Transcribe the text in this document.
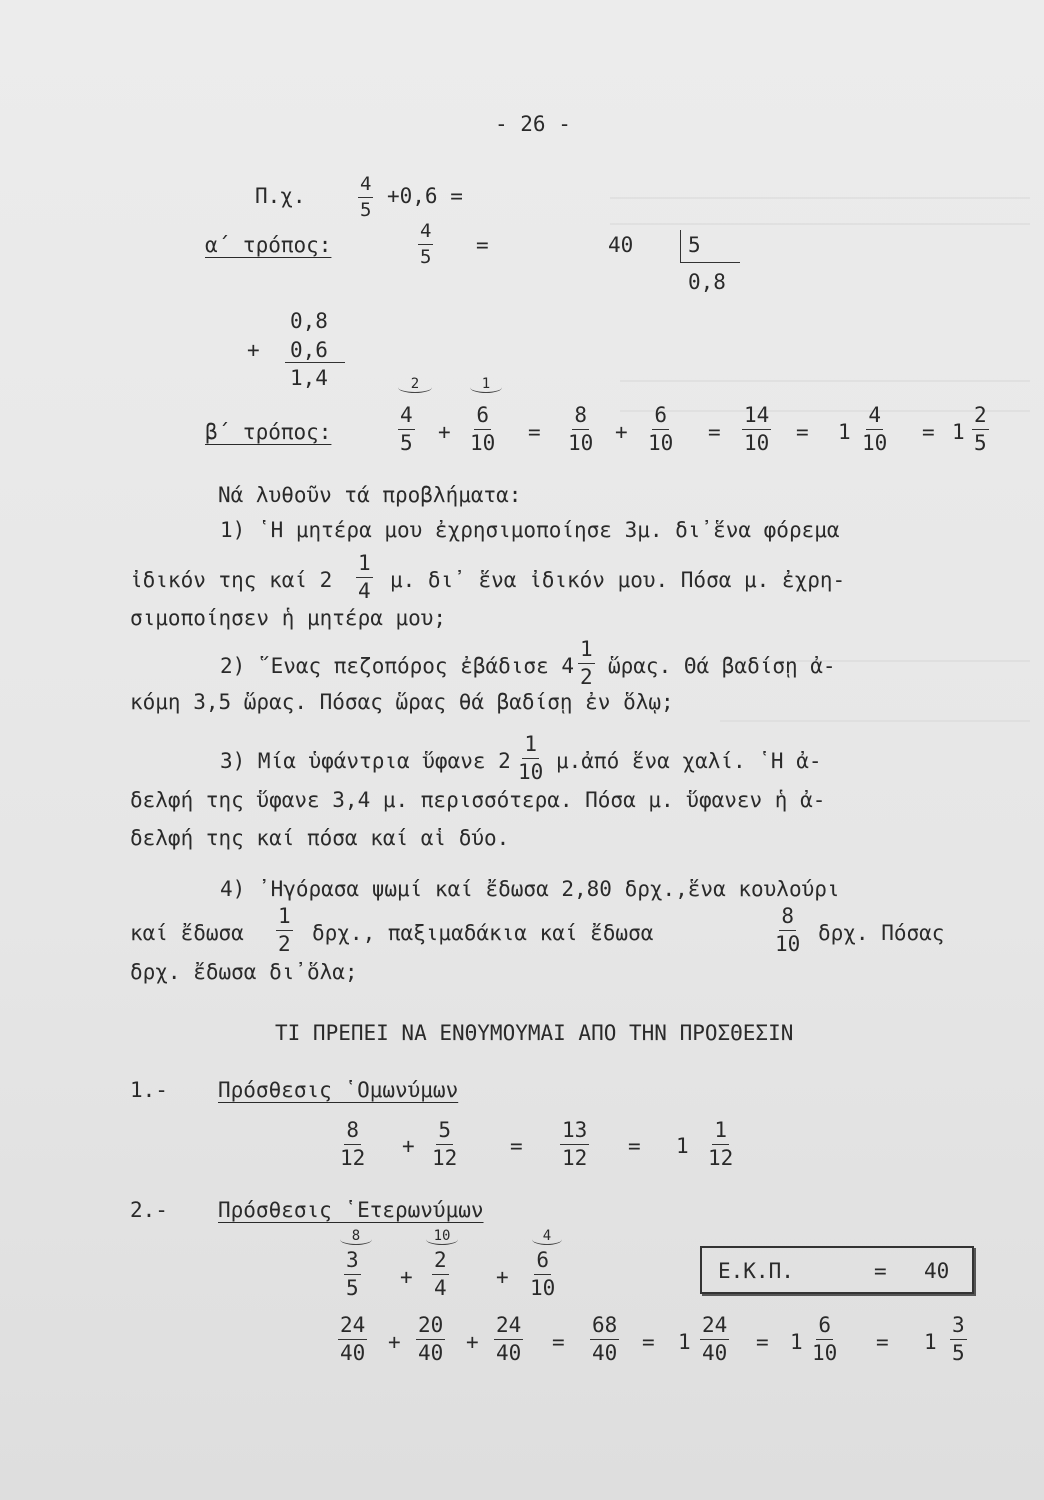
- 26 -
Π.χ.	$\frac{4}{5} +0,6$ =
α΄ τρόπος:	$\frac{4}{5}$ =	40	5
0,8
0,8
+ 0,6
1,4	2	1
β΄ τρόπος:	$\frac{4}{5} + \frac{6}{10} = \frac{8}{10} + \frac{6}{10} = \frac{14}{10} = 1 \frac{4}{10} = 1 \frac{2}{5}$
Νά λυθοῦν τά προβλήματα:
1) ῾Η μητέρα μου ἐχρησιμοποίησε 3μ. δι᾽ἕνα φόρεμα
ἰδικόν της καί $2 \frac{1}{4} \mu$. δι᾽ ἕνα ἰδικόν μου. Πόσα μ. ἐχρη-
σιμοποίησεν ἡ μητέρα μου;
2) ῞Ενας πεζοπόρος ἐβάδισε $4 \frac{1}{2}$ ὥρας. Θά βαδίσῃ ἀ-
κόμη 3,5 ὥρας. Πόσας ὥρας θά βαδίσῃ ἐν ὅλῳ;
3) Μία ὑφάντρια ὕφανε $2 \frac{1}{10}$ μ.ἀπό ἕνα χαλί. ῾Η ἀ-
δελφή της ὕφανε 3,4 μ. περισσότερα. Πόσα μ. ὕφανεν ἡ ἀ-
δελφή της καί πόσα καί αἱ δύο.
4) ᾽Ηγόρασα ψωμί καί ἔδωσα 2,80 δρχ.,ἕνα κουλούρι
καί ἔδωσα $\frac{1}{2} \delta\rho\chi$., παξιμαδάκια καί ἔδωσα	$\frac{8}{10} \delta\rho\chi$. Πόσας
δρχ. ἔδωσα δι᾽ὅλα;
ΤΙ ΠΡΕΠΕΙ ΝΑ ΕΝΘΥΜΟΥΜΑΙ ΑΠΟ ΤΗΝ ΠΡΟΣΘΕΣΙΝ
1.- Πρόσθεσις ῾Ομωνύμων
$\frac{8}{12} + \frac{5}{12}$	= $\frac{13}{12} = 1 \frac{1}{12}$
2.- Πρόσθεσις ῾Ετερωνύμων
8	10	4
$\frac{3}{5} + \frac{2}{4} + \frac{6}{10}$	Ε.Κ.Π.	= 40
$\frac{24}{40} + \frac{20}{40} + \frac{24}{40} = \frac{68}{40} = 1 \frac{24}{40} = 1 \frac{6}{10} = 1 \frac{3}{5}$
